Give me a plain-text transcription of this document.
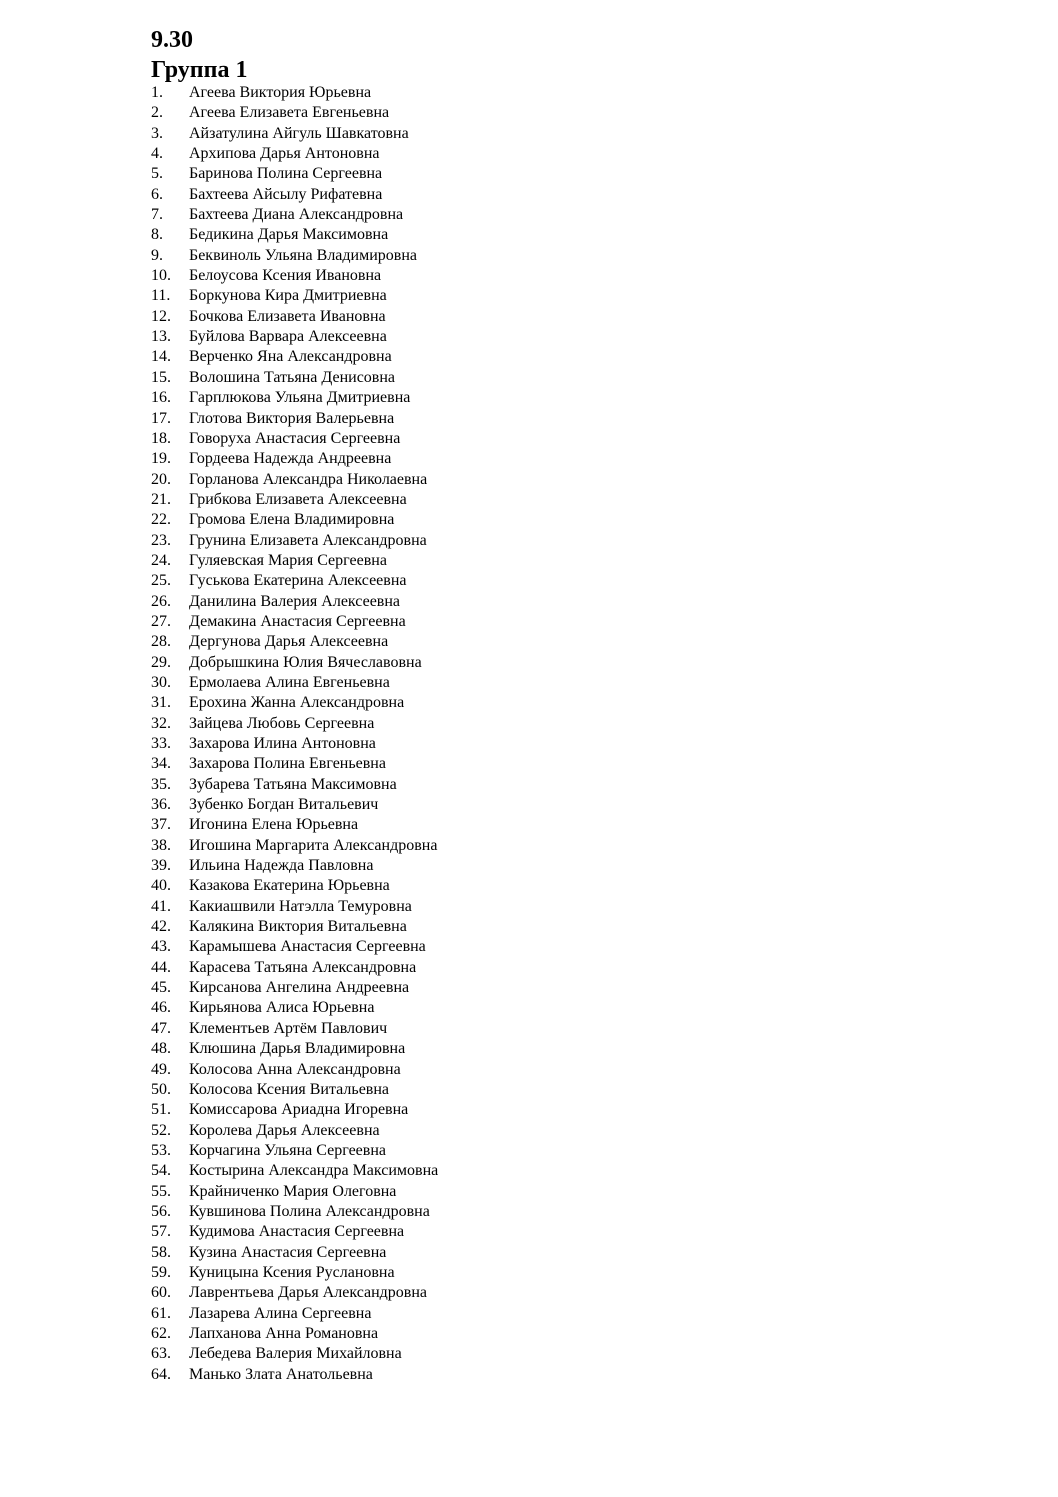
9.30
Группа 1
1.	Агеева Виктория Юрьевна
2.	Агеева Елизавета Евгеньевна
3.	Айзатулина Айгуль Шавкатовна
4.	Архипова Дарья Антоновна
5.	Баринова Полина Сергеевна
6.	Бахтеева Айсылу Рифатевна
7.	Бахтеева Диана Александровна
8.	Бедикина Дарья Максимовна
9.	Беквиноль Ульяна Владимировна
10.	Белоусова Ксения Ивановна
11.	Боркунова Кира Дмитриевна
12.	Бочкова Елизавета Ивановна
13.	Буйлова Варвара Алексеевна
14.	Верченко Яна Александровна
15.	Волошина Татьяна Денисовна
16.	Гарплюкова Ульяна Дмитриевна
17.	Глотова Виктория Валерьевна
18.	Говоруха Анастасия Сергеевна
19.	Гордеева Надежда Андреевна
20.	Горланова Александра Николаевна
21.	Грибкова Елизавета Алексеевна
22.	Громова Елена Владимировна
23.	Грунина Елизавета Александровна
24.	Гуляевская Мария Сергеевна
25.	Гуськова Екатерина Алексеевна
26.	Данилина Валерия Алексеевна
27.	Демакина Анастасия Сергеевна
28.	Дергунова Дарья Алексеевна
29.	Добрышкина Юлия Вячеславовна
30.	Ермолаева Алина Евгеньевна
31.	Ерохина Жанна Александровна
32.	Зайцева Любовь Сергеевна
33.	Захарова Илина Антоновна
34.	Захарова Полина Евгеньевна
35.	Зубарева Татьяна Максимовна
36.	Зубенко Богдан Витальевич
37.	Игонина Елена Юрьевна
38.	Игошина Маргарита Александровна
39.	Ильина Надежда Павловна
40.	Казакова Екатерина Юрьевна
41.	Какиашвили Натэлла Темуровна
42.	Калякина Виктория Витальевна
43.	Карамышева Анастасия Сергеевна
44.	Карасева Татьяна Александровна
45.	Кирсанова Ангелина Андреевна
46.	Кирьянова Алиса Юрьевна
47.	Клементьев Артём Павлович
48.	Клюшина Дарья Владимировна
49.	Колосова Анна Александровна
50.	Колосова Ксения Витальевна
51.	Комиссарова Ариадна Игоревна
52.	Королева Дарья Алексеевна
53.	Корчагина Ульяна Сергеевна
54.	Костырина Александра Максимовна
55.	Крайниченко Мария Олеговна
56.	Кувшинова Полина Александровна
57.	Кудимова Анастасия Сергеевна
58.	Кузина Анастасия Сергеевна
59.	Куницына Ксения Руслановна
60.	Лаврентьева Дарья Александровна
61.	Лазарева Алина Сергеевна
62.	Лапханова Анна Романовна
63.	Лебедева Валерия Михайловна
64.	Манько Злата Анатольевна
